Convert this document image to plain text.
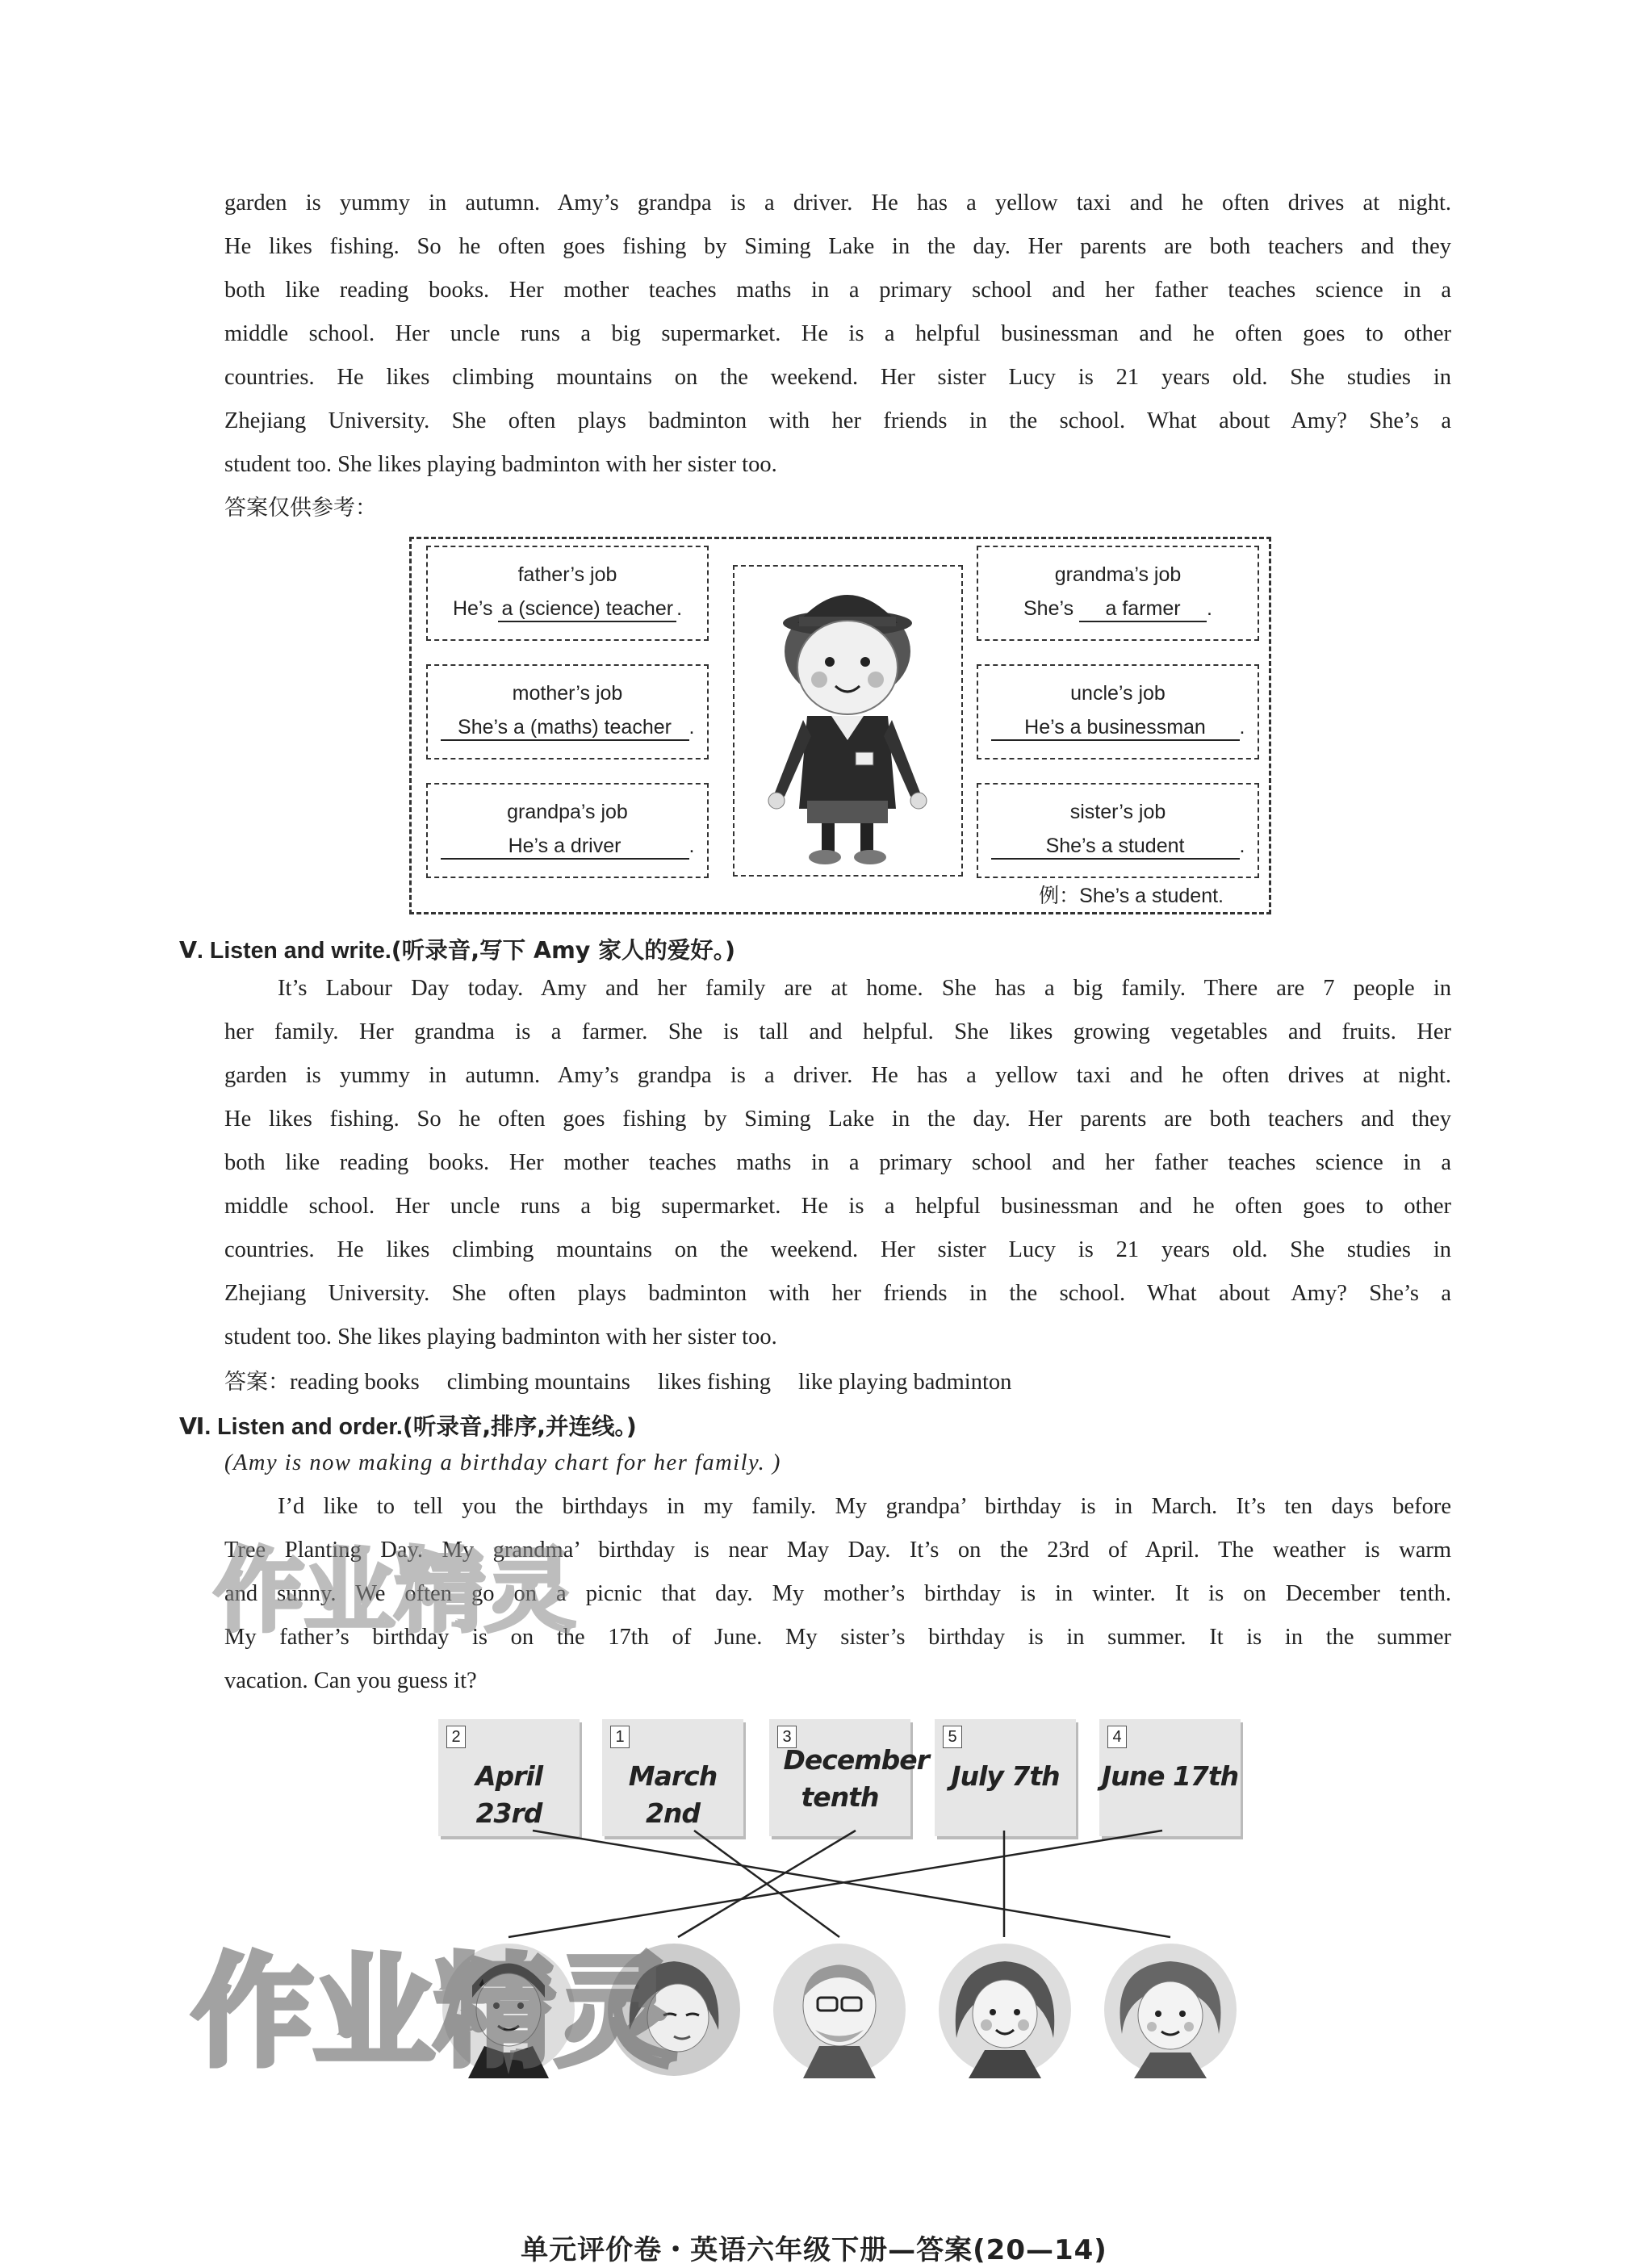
garden is yummy in autumn. Amy’s grandpa is a driver. He has a yellow taxi and he often drives at night.
He likes fishing. So he often goes fishing by Siming Lake in the day. Her parents are both teachers and they
both like reading books. Her mother teaches maths in a primary school and her father teaches science in a
middle school. Her uncle runs a big supermarket. He is a helpful businessman and he often goes to other
countries. He likes climbing mountains on the weekend. Her sister Lucy is 21 years old. She studies in
Zhejiang University. She often plays badminton with her friends in the school. What about Amy? She’s a
student too. She likes playing badminton with her sister too.
答案仅供参考：
father’s job
He’s a (science) teacher .
mother’s job
She’s a (maths) teacher .
grandpa’s job
He’s a driver	.
grandma’s job
She’s a farmer .
uncle’s job
He’s a businessman .
sister’s job
She’s a student	.
例：She’s a student.
Ⅴ. Listen and write.(听录音,写下 Amy 家人的爱好。)
It’s Labour Day today. Amy and her family are at home. She has a big family. There are 7 people in
her family. Her grandma is a farmer. She is tall and helpful. She likes growing vegetables and fruits. Her
garden is yummy in autumn. Amy’s grandpa is a driver. He has a yellow taxi and he often drives at night.
He likes fishing. So he often goes fishing by Siming Lake in the day. Her parents are both teachers and they
both like reading books. Her mother teaches maths in a primary school and her father teaches science in a
middle school. Her uncle runs a big supermarket. He is a helpful businessman and he often goes to other
countries. He likes climbing mountains on the weekend. Her sister Lucy is 21 years old. She studies in
Zhejiang University. She often plays badminton with her friends in the school. What about Amy? She’s a
student too. She likes playing badminton with her sister too.
答案：reading books climbing mountains likes fishing like playing badminton
Ⅵ. Listen and order.(听录音,排序,并连线。)
(Amy is now making a birthday chart for her family. )
I’d like to tell you the birthdays in my family. My grandpa’ birthday is in March. It’s ten days before
Tree Planting Day. My grandma’ birthday is near May Day. It’s on the 23rd of April. The weather is warm
and sunny. We often go on a picnic that day. My mother’s birthday is in winter. It is on December tenth.
My father’s birthday is on the 17th of June. My sister’s birthday is in summer. It is in the summer
vacation. Can you guess it?
2
April 23rd
1
March 2nd
3
December tenth
5
July 7th
4
June 17th
作业精灵
作业精灵
单元评价卷・英语六年级下册—答案(20—14)
